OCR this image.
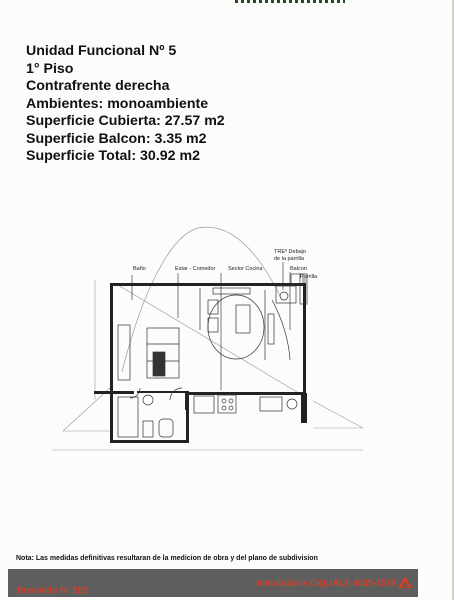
Unidad Funcional Nº 5
1° Piso
Contrafrente derecha
Ambientes: monoambiente
Superficie Cubierta: 27.57 m2
Superficie Balcon: 3.35 m2
Superficie Total: 30.92 m2
Baño	Estar - Comedor Sector Cocina
TREº Debajo
de la parrilla
Balcon
Parrilla
Nota: Las medidas definitivas resultaran de la medicion de obra y del plano de subdivision
Boseaido N° 282
Inmobiliaria CIQUALE 4835-1575
